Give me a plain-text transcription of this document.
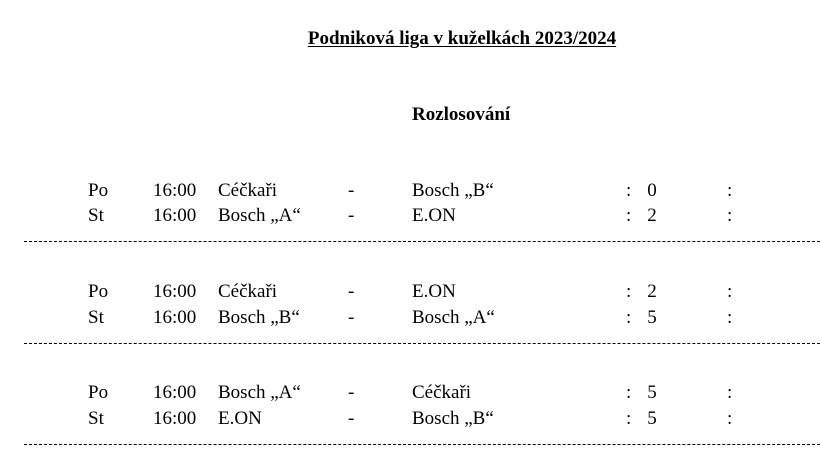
Podniková liga v kuželkách 2023/2024
Rozlosování
Po 16:00 Céčkaři	-	Bosch „B“	: 0	:
St	16:00 Bosch „A“ -	E.ON	: 2	:
Po 16:00 Céčkaři	-	E.ON	: 2	:
St	16:00 Bosch „B“	-	Bosch „A“	: 5	:
Po 16:00 Bosch „A“ -	Céčkaři	: 5	:
St	16:00 E.ON	-	Bosch „B“	: 5	:
